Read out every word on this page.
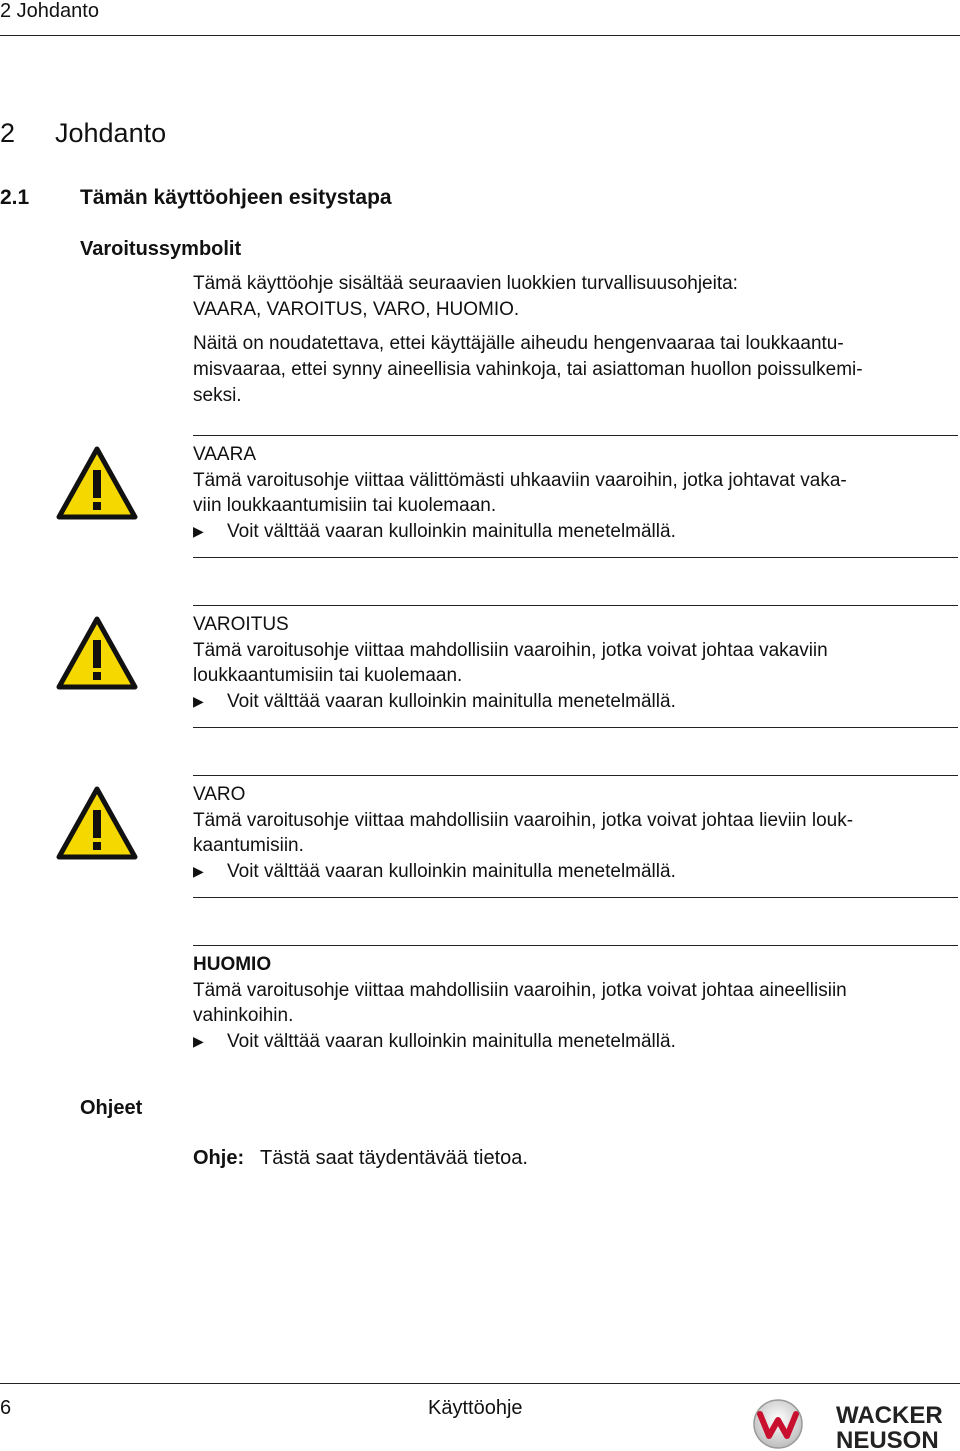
2 Johdanto
2 Johdanto
2.1 Tämän käyttöohjeen esitystapa
Varoitussymbolit

Tämä käyttöohje sisältää seuraavien luokkien turvallisuusohjeita:

VAARA, VAROITUS, VARO, HUOMIO.

Näitä on noudatettava, ettei käyttäjälle aiheudu hengenvaaraa tai loukkaantu-

misvaaraa, ettei synny aineellisia vahinkoja, tai asiattoman huollon poissulkemi-

seksi.

VAARA
Tämä varoitusohje viittaa välittömästi uhkaaviin vaaroihin, jotka johtavat vaka-
viin loukkaantumisiin tai kuolemaan.
▶ Voit välttää vaaran kulloinkin mainitulla menetelmällä.
VAROITUS
Tämä varoitusohje viittaa mahdollisiin vaaroihin, jotka voivat johtaa vakaviin
loukkaantumisiin tai kuolemaan.
▶ Voit välttää vaaran kulloinkin mainitulla menetelmällä.
VARO
Tämä varoitusohje viittaa mahdollisiin vaaroihin, jotka voivat johtaa lieviin louk-
kaantumisiin.
▶ Voit välttää vaaran kulloinkin mainitulla menetelmällä.
HUOMIO
Tämä varoitusohje viittaa mahdollisiin vaaroihin, jotka voivat johtaa aineellisiin
vahinkoihin.
▶ Voit välttää vaaran kulloinkin mainitulla menetelmällä.
Ohjeet
Ohje: Tästä saat täydentävää tietoa.
6	Käyttöohje	WACKER
NEUSON
